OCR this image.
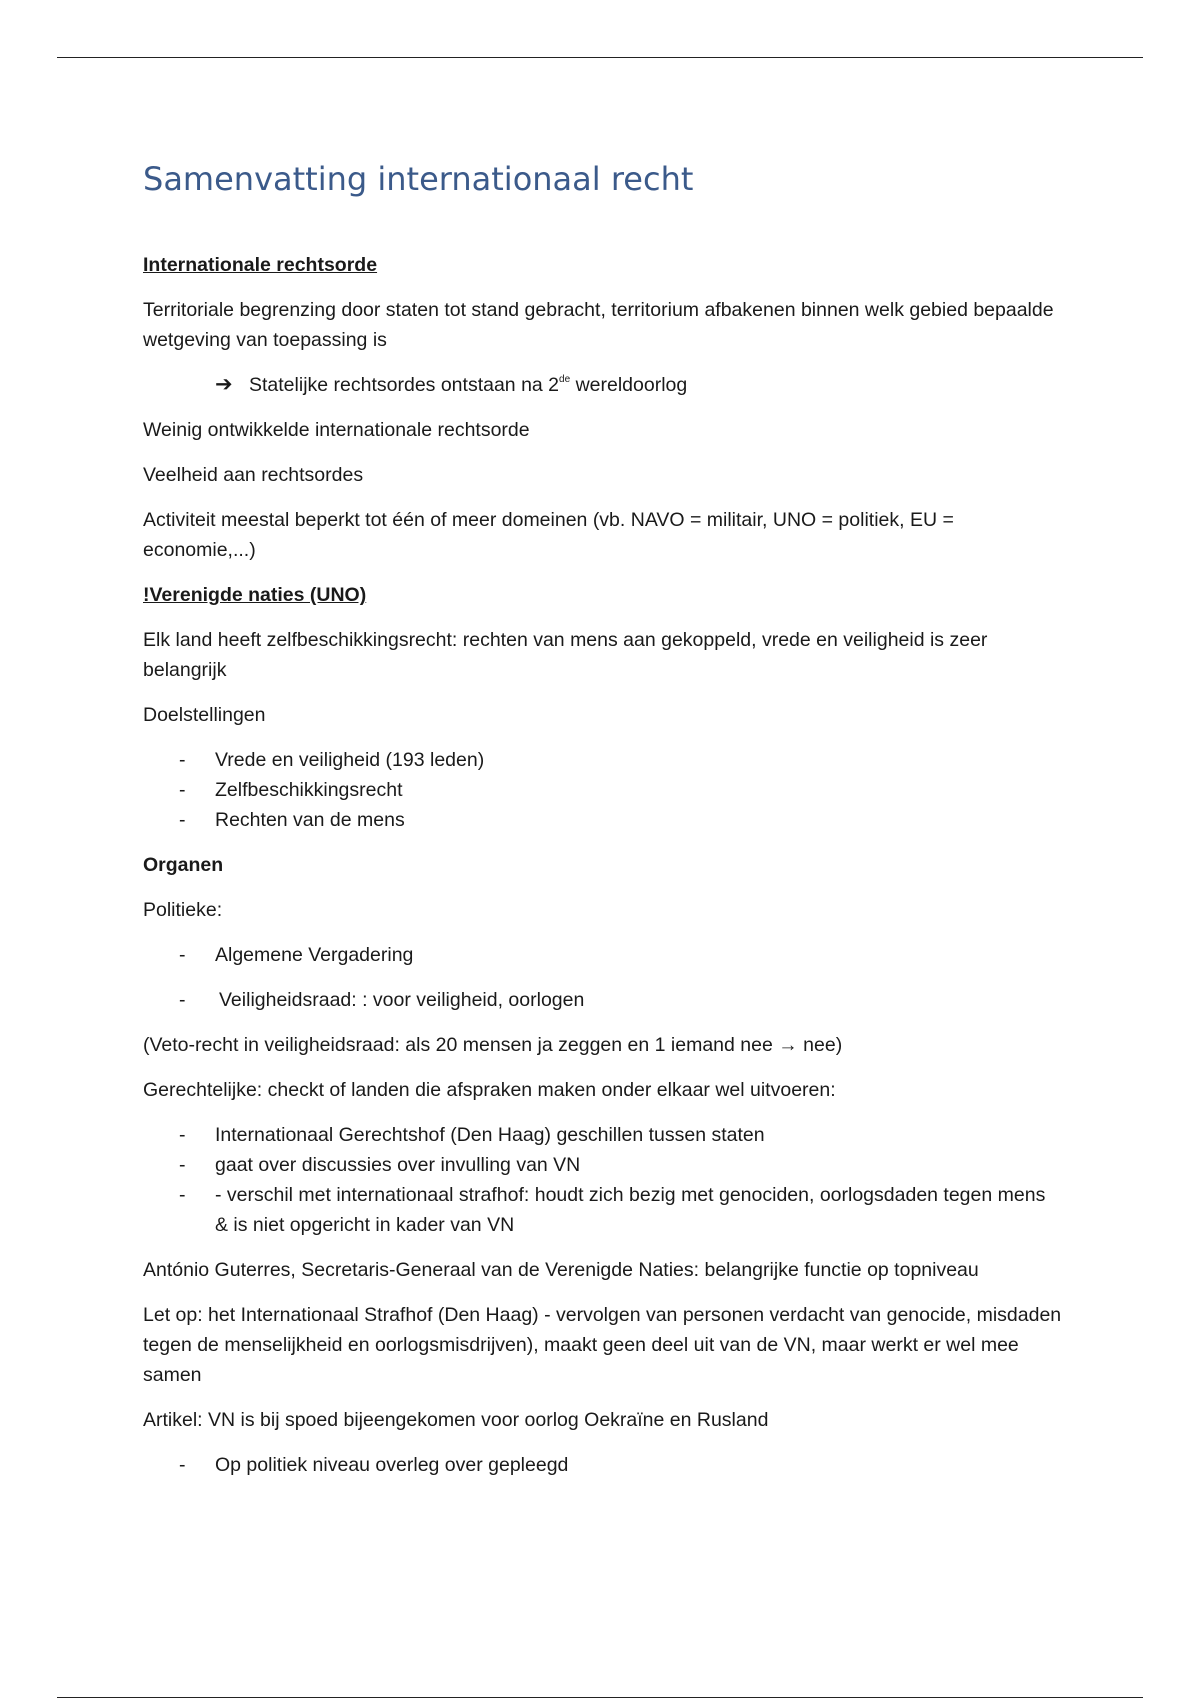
Samenvatting internationaal recht

Internationale rechtsorde

Territoriale begrenzing door staten tot stand gebracht, territorium afbakenen binnen welk gebied bepaalde wetgeving van toepassing is

➔ Statelijke rechtsordes ontstaan na 2de wereldoorlog

Weinig ontwikkelde internationale rechtsorde

Veelheid aan rechtsordes

Activiteit meestal beperkt tot één of meer domeinen (vb. NAVO = militair, UNO = politiek, EU = economie,...)

!Verenigde naties (UNO)

Elk land heeft zelfbeschikkingsrecht: rechten van mens aan gekoppeld, vrede en veiligheid is zeer belangrijk

Doelstellingen

- Vrede en veiligheid (193 leden)
- Zelfbeschikkingsrecht
- Rechten van de mens

Organen

Politieke:

- Algemene Vergadering
- Veiligheidsraad: : voor veiligheid, oorlogen

(Veto-recht in veiligheidsraad: als 20 mensen ja zeggen en 1 iemand nee → nee)

Gerechtelijke: checkt of landen die afspraken maken onder elkaar wel uitvoeren:

- Internationaal Gerechtshof (Den Haag) geschillen tussen staten
- gaat over discussies over invulling van VN
- - verschil met internationaal strafhof: houdt zich bezig met genociden, oorlogsdaden tegen mens & is niet opgericht in kader van VN

António Guterres, Secretaris-Generaal van de Verenigde Naties: belangrijke functie op topniveau

Let op: het Internationaal Strafhof (Den Haag) - vervolgen van personen verdacht van genocide, misdaden tegen de menselijkheid en oorlogsmisdrijven), maakt geen deel uit van de VN, maar werkt er wel mee samen

Artikel: VN is bij spoed bijeengekomen voor oorlog Oekraïne en Rusland

- Op politiek niveau overleg over gepleegd
